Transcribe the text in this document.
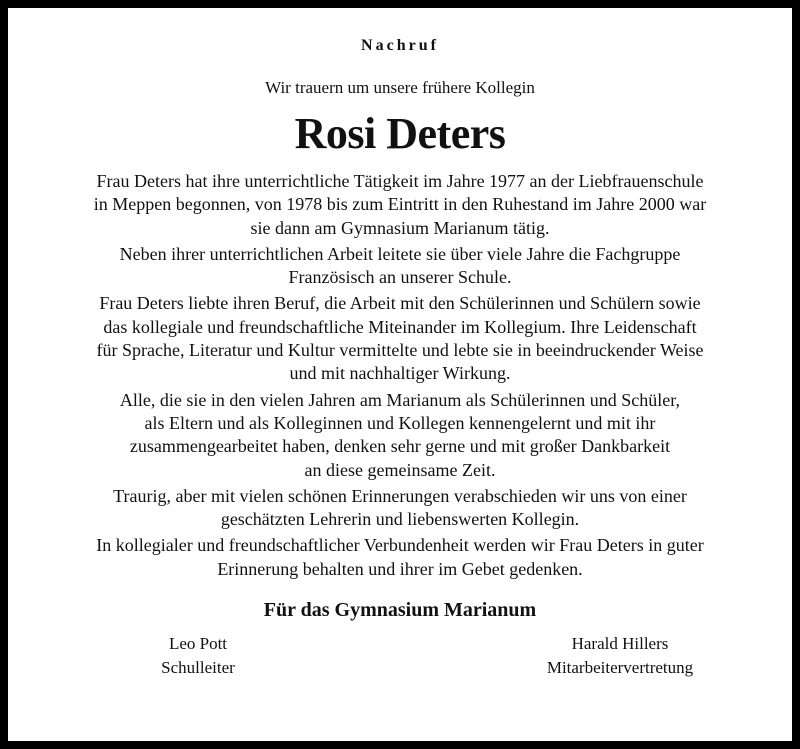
Nachruf

Wir trauern um unsere frühere Kollegin

Rosi Deters

Frau Deters hat ihre unterrichtliche Tätigkeit im Jahre 1977 an der Liebfrauenschule
in Meppen begonnen, von 1978 bis zum Eintritt in den Ruhestand im Jahre 2000 war
sie dann am Gymnasium Marianum tätig.

Neben ihrer unterrichtlichen Arbeit leitete sie über viele Jahre die Fachgruppe
Französisch an unserer Schule.

Frau Deters liebte ihren Beruf, die Arbeit mit den Schülerinnen und Schülern sowie
das kollegiale und freundschaftliche Miteinander im Kollegium. Ihre Leidenschaft
für Sprache, Literatur und Kultur vermittelte und lebte sie in beeindruckender Weise
und mit nachhaltiger Wirkung.

Alle, die sie in den vielen Jahren am Marianum als Schülerinnen und Schüler,
als Eltern und als Kolleginnen und Kollegen kennengelernt und mit ihr
zusammengearbeitet haben, denken sehr gerne und mit großer Dankbarkeit
an diese gemeinsame Zeit.

Traurig, aber mit vielen schönen Erinnerungen verabschieden wir uns von einer
geschätzten Lehrerin und liebenswerten Kollegin.

In kollegialer und freundschaftlicher Verbundenheit werden wir Frau Deters in guter
Erinnerung behalten und ihrer im Gebet gedenken.

Für das Gymnasium Marianum

Leo Pott
Schulleiter
Harald Hillers
Mitarbeitervertretung
